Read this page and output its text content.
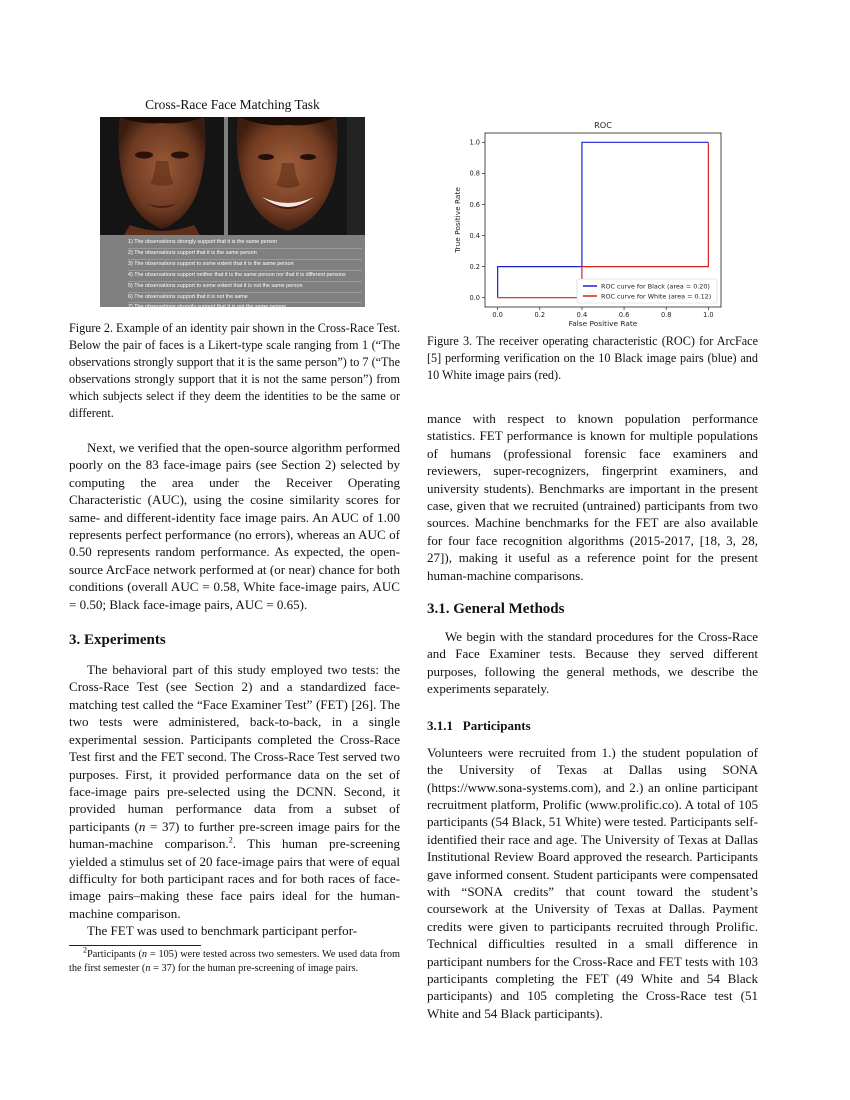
Cross-Race Face Matching Task
1) The observations strongly support that it is the same person
2) The observations support that it is the same person
3) The observations support to some extent that it is the same person
4) The observations support neither that it is the same person nor that it is different persons
5) The observations support to some extent that it is not the same person
6) The observations support that it is not the same
7) The observations strongly support that it is not the same person

Figure 2. Example of an identity pair shown in the Cross-Race Test. Below the pair of faces is a Likert-type scale ranging from 1 (“The observations strongly support that it is the same person”) to 7 (“The observations strongly support that it is not the same person”) from which subjects select if they deem the identities to be the same or different.

ROC
0.0	0.2	0.4	0.6	0.8	1.0
0.0
0.2
0.4
0.6
0.8
1.0
False Positive Rate
True Positive Rate
ROC curve for Black (area = 0.20)
ROC curve for White (area = 0.12)

Figure 3. The receiver operating characteristic (ROC) for ArcFace [5] performing verification on the 10 Black image pairs (blue) and 10 White image pairs (red).

Next, we verified that the open-source algorithm performed poorly on the 83 face-image pairs (see Section 2) selected by computing the area under the Receiver Operating Characteristic (AUC), using the cosine similarity scores for same- and different-identity face image pairs. An AUC of 1.00 represents perfect performance (no errors), whereas an AUC of 0.50 represents random performance. As expected, the open-source ArcFace network performed at (or near) chance for both conditions (overall AUC = 0.58, White face-image pairs, AUC = 0.50; Black face-image pairs, AUC = 0.65).

3. Experiments

The behavioral part of this study employed two tests: the Cross-Race Test (see Section 2) and a standardized face-matching test called the “Face Examiner Test” (FET) [26]. The two tests were administered, back-to-back, in a single experimental session. Participants completed the Cross-Race Test first and the FET second. The Cross-Race Test served two purposes. First, it provided performance data on the set of face-image pairs pre-selected using the DCNN. Second, it provided human performance data from a subset of participants (n = 37) to further pre-screen image pairs for the human-machine comparison.$^2$. This human pre-screening yielded a stimulus set of 20 face-image pairs that were of equal difficulty for both participant races and for both races of face-image pairs–making these face pairs ideal for the human-machine comparison.

The FET was used to benchmark participant perfor-

$^2$Participants (n = 105) were tested across two semesters. We used data from the first semester (n = 37) for the human pre-screening of image pairs.

mance with respect to known population performance statistics. FET performance is known for multiple populations of humans (professional forensic face examiners and reviewers, super-recognizers, fingerprint examiners, and university students). Benchmarks are important in the present case, given that we recruited (untrained) participants from two sources. Machine benchmarks for the FET are also available for four face recognition algorithms (2015-2017, [18, 3, 28, 27]), making it useful as a reference point for the present human-machine comparisons.

3.1. General Methods

We begin with the standard procedures for the Cross-Race and Face Examiner tests. Because they served different purposes, following the general methods, we describe the experiments separately.

3.1.1   Participants

Volunteers were recruited from 1.) the student population of the University of Texas at Dallas using SONA (https://www.sona-systems.com), and 2.) an online participant recruitment platform, Prolific (www.prolific.co). A total of 105 participants (54 Black, 51 White) were tested. Participants self-identified their race and age. The University of Texas at Dallas Institutional Review Board approved the research. Participants gave informed consent. Student participants were compensated with “SONA credits” that count toward the student’s coursework at the University of Texas at Dallas. Payment credits were given to participants recruited through Prolific. Technical difficulties resulted in a small difference in participant numbers for the Cross-Race and FET tests with 103 participants completing the FET (49 White and 54 Black participants) and 105 completing the Cross-Race test (51 White and 54 Black participants).
